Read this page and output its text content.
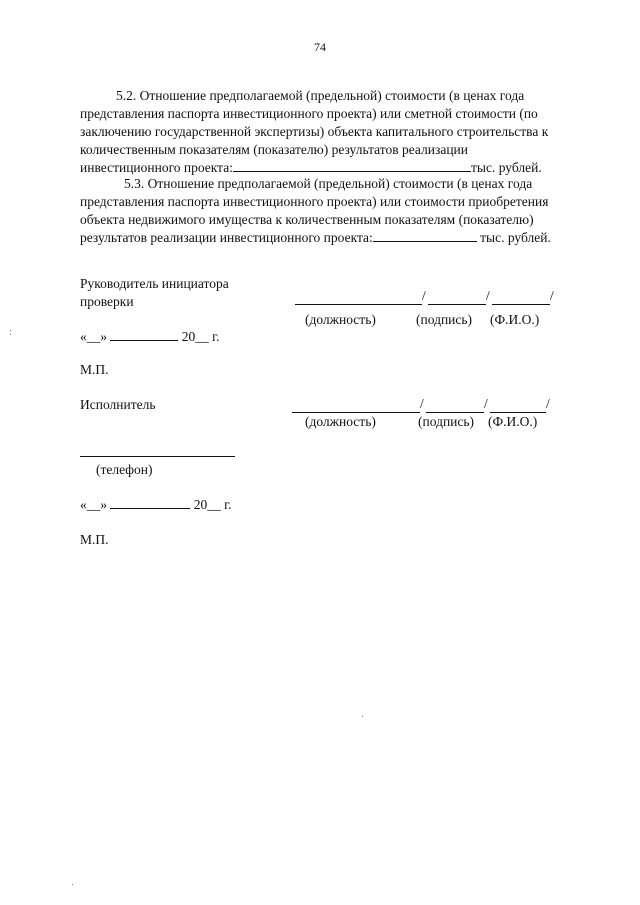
74
5.2. Отношение предполагаемой (предельной) стоимости (в ценах года
представления паспорта инвестиционного проекта) или сметной стоимости (по
заключению государственной экспертизы) объекта капитального строительства к
количественным показателям (показателю) результатов реализации
инвестиционного проекта:	тыс. рублей.
5.3. Отношение предполагаемой (предельной) стоимости (в ценах года
представления паспорта инвестиционного проекта) или стоимости приобретения
объекта недвижимого имущества к количественным показателям (показателю)
результатов реализации инвестиционного проекта:	тыс. рублей.
Руководитель инициатора
проверки	/	/	/
(должность)	(подпись) (Ф.И.О.)
«__»	20__ г.
М.П.
Исполнитель	/	/	/
(должность)	(подпись) (Ф.И.О.)
(телефон)
«__»	20__ г.
М.П.
